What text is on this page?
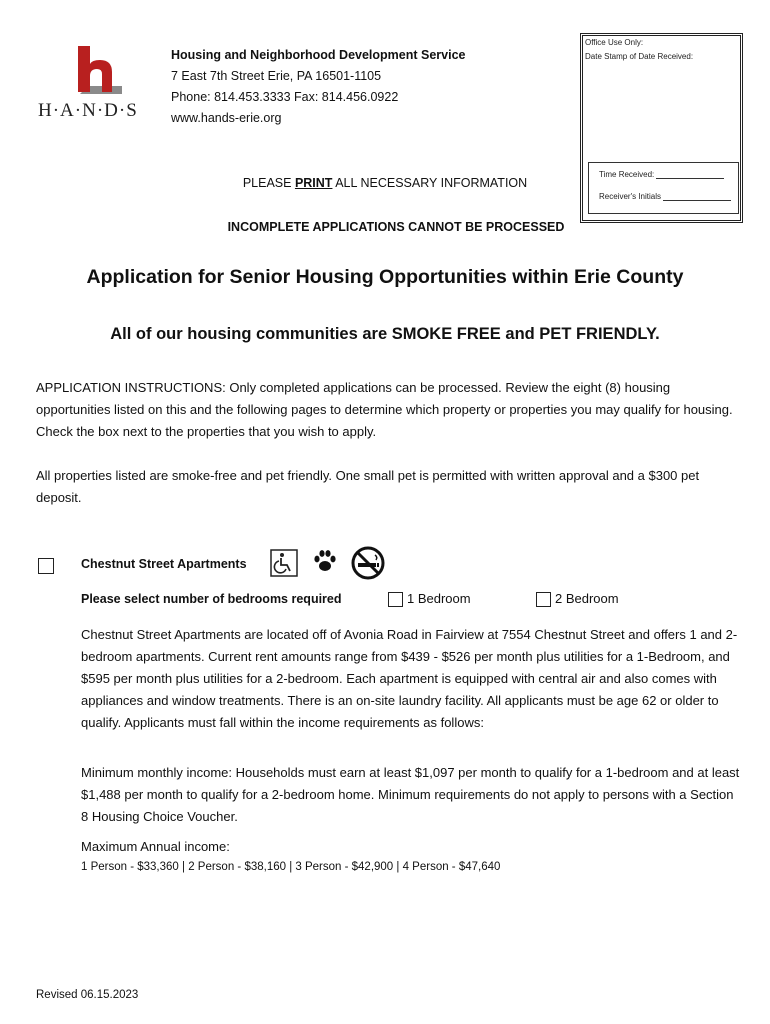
H·A·N·D·S
Housing and Neighborhood Development Service
7 East 7th Street Erie, PA 16501-1105
Phone: 814.453.3333 Fax: 814.456.0922
www.hands-erie.org
Office Use Only:
Date Stamp of Date Received:
Time Received:
Receiver's Initials
PLEASE PRINT ALL NECESSARY INFORMATION
INCOMPLETE APPLICATIONS CANNOT BE PROCESSED
Application for Senior Housing Opportunities within Erie County
All of our housing communities are SMOKE FREE and PET FRIENDLY.
APPLICATION INSTRUCTIONS: Only completed applications can be processed. Review the eight (8) housing opportunities listed on this and the following pages to determine which property or properties you may qualify for housing. Check the box next to the properties that you wish to apply.
All properties listed are smoke-free and pet friendly. One small pet is permitted with written approval and a $300 pet deposit.
Chestnut Street Apartments
Please select number of bedrooms required	1 Bedroom	2 Bedroom
Chestnut Street Apartments are located off of Avonia Road in Fairview at 7554 Chestnut Street and offers 1 and 2-bedroom apartments. Current rent amounts range from $439 - $526 per month plus utilities for a 1-Bedroom, and $595 per month plus utilities for a 2-bedroom. Each apartment is equipped with central air and also comes with appliances and window treatments. There is an on-site laundry facility. All applicants must be age 62 or older to qualify. Applicants must fall within the income requirements as follows:
Minimum monthly income: Households must earn at least $1,097 per month to qualify for a 1-bedroom and at least $1,488 per month to qualify for a 2-bedroom home. Minimum requirements do not apply to persons with a Section 8 Housing Choice Voucher.
Maximum Annual income:
1 Person - $33,360 | 2 Person - $38,160 | 3 Person - $42,900 | 4 Person - $47,640
Revised 06.15.2023
